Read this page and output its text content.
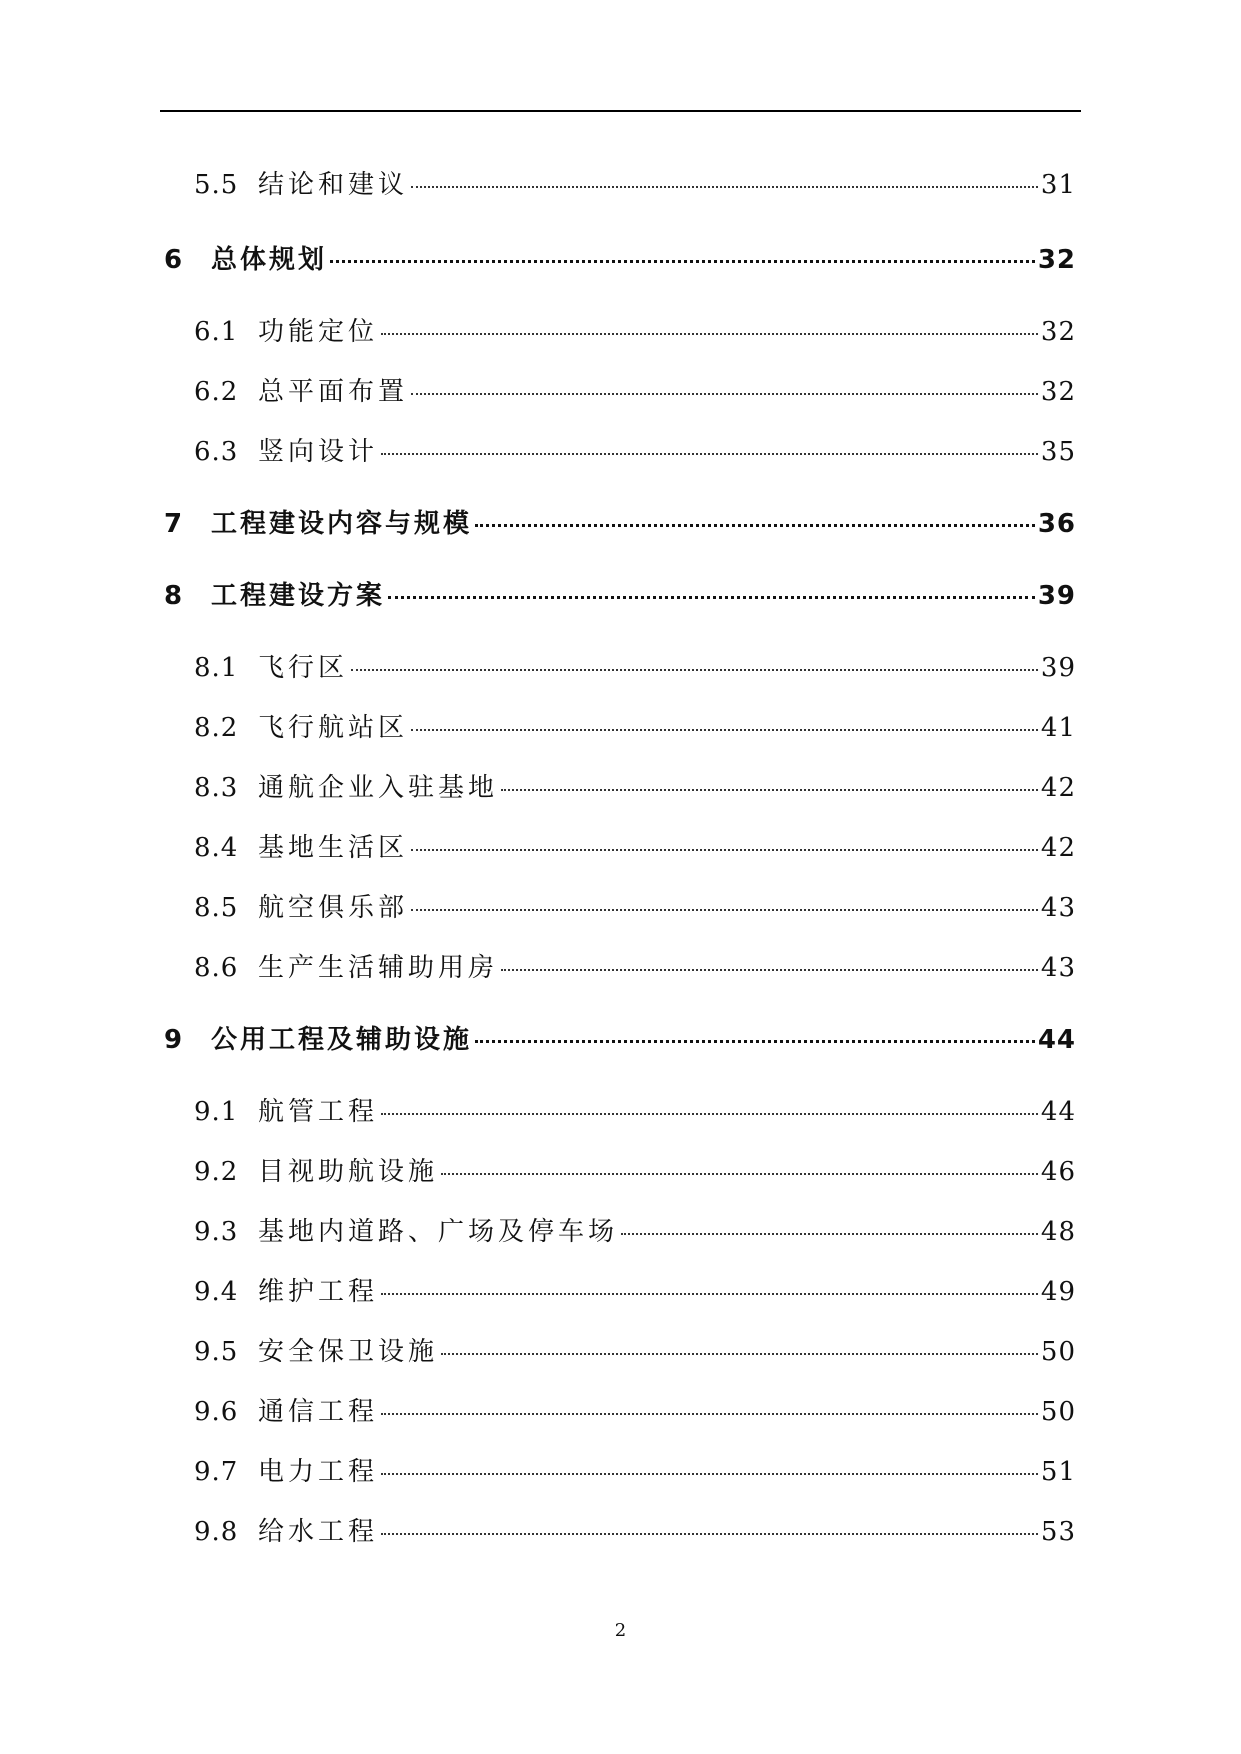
5.5 结论和建议	31
6	总体规划	32
6.1 功能定位	32
6.2 总平面布置	32
6.3 竖向设计	35
7	工程建设内容与规模	36
8	工程建设方案	39
8.1 飞行区	39
8.2 飞行航站区	41
8.3 通航企业入驻基地	42
8.4 基地生活区	42
8.5 航空俱乐部	43
8.6 生产生活辅助用房	43
9	公用工程及辅助设施	44
9.1 航管工程	44
9.2 目视助航设施	46
9.3 基地内道路、广场及停车场	48
9.4 维护工程	49
9.5 安全保卫设施	50
9.6 通信工程	50
9.7 电力工程	51
9.8 给水工程	53
2
